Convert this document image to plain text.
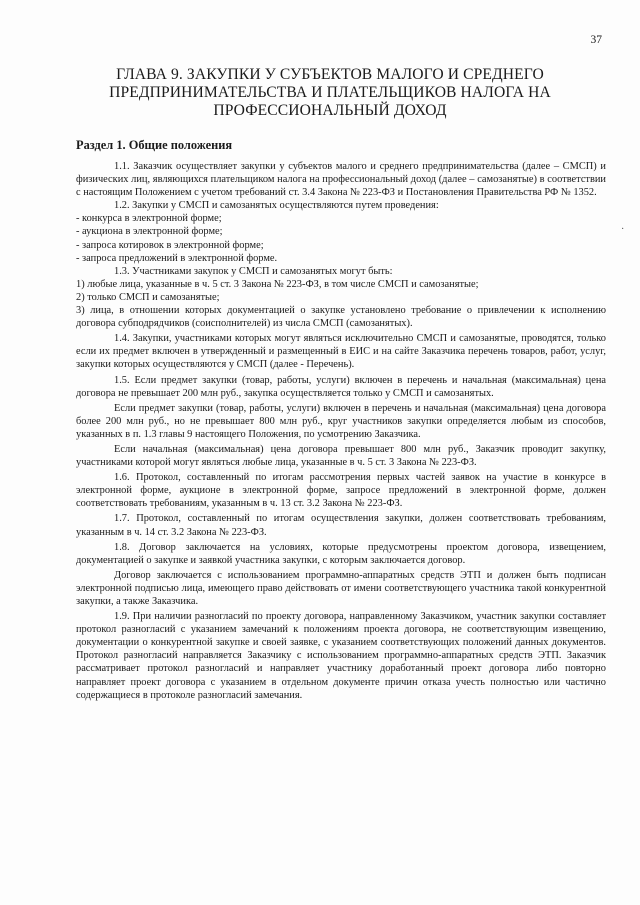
37
ГЛАВА 9. ЗАКУПКИ У СУБЪЕКТОВ МАЛОГО И СРЕДНЕГО
ПРЕДПРИНИМАТЕЛЬСТВА И ПЛАТЕЛЬЩИКОВ НАЛОГА НА
ПРОФЕССИОНАЛЬНЫЙ ДОХОД
Раздел 1. Общие положения
·

1.1. Заказчик осуществляет закупки у субъектов малого и среднего предпринимательства (далее – СМСП) и физических лиц, являющихся плательщиком налога на профессиональный доход (далее – самозанятые) в соответствии с настоящим Положением с учетом требований ст. 3.4 Закона № 223-ФЗ и Постановления Правительства РФ № 1352.

1.2. Закупки у СМСП и самозанятых осуществляются путем проведения:

- конкурса в электронной форме;

- аукциона в электронной форме;

- запроса котировок в электронной форме;

- запроса предложений в электронной форме.

1.3. Участниками закупок у СМСП и самозанятых могут быть:

1) любые лица, указанные в ч. 5 ст. 3 Закона № 223-ФЗ, в том числе СМСП и самозанятые;

2) только СМСП и самозанятые;

3) лица, в отношении которых документацией о закупке установлено требование о привлечении к исполнению договора субподрядчиков (соисполнителей) из числа СМСП (самозанятых).

1.4. Закупки, участниками которых могут являться исключительно СМСП и самозанятые, проводятся, только если их предмет включен в утвержденный и размещенный в ЕИС и на сайте Заказчика перечень товаров, работ, услуг, закупки которых осуществляются у СМСП (далее - Перечень).

1.5. Если предмет закупки (товар, работы, услуги) включен в перечень и начальная (максимальная) цена договора не превышает 200 млн руб., закупка осуществляется только у СМСП и самозанятых.

Если предмет закупки (товар, работы, услуги) включен в перечень и начальная (максимальная) цена договора более 200 млн руб., но не превышает 800 млн руб., круг участников закупки определяется любым из способов, указанных в п. 1.3 главы 9 настоящего Положения, по усмотрению Заказчика.

Если начальная (максимальная) цена договора превышает 800 млн руб., Заказчик проводит закупку, участниками которой могут являться любые лица, указанные в ч. 5 ст. 3 Закона № 223-ФЗ.

1.6. Протокол, составленный по итогам рассмотрения первых частей заявок на участие в конкурсе в электронной форме, аукционе в электронной форме, запросе предложений в электронной форме, должен соответствовать требованиям, указанным в ч. 13 ст. 3.2 Закона № 223-ФЗ.

1.7. Протокол, составленный по итогам осуществления закупки, должен соответствовать требованиям, указанным в ч. 14 ст. 3.2 Закона № 223-ФЗ.

1.8. Договор заключается на условиях, которые предусмотрены проектом договора, извещением, документацией о закупке и заявкой участника закупки, с которым заключается договор.

Договор заключается с использованием программно-аппаратных средств ЭТП и должен быть подписан электронной подписью лица, имеющего право действовать от имени соответствующего участника такой конкурентной закупки, а также Заказчика.

1.9. При наличии разногласий по проекту договора, направленному Заказчиком, участник закупки составляет протокол разногласий с указанием замечаний к положениям проекта договора, не соответствующим извещению, документации о конкурентной закупке и своей заявке, с указанием соответствующих положений данных документов. Протокол разногласий направляется Заказчику с использованием программно-аппаратных средств ЭТП. Заказчик рассматривает протокол разногласий и направляет участнику доработанный проект договора либо повторно направляет проект договора с указанием в отдельном документе причин отказа учесть полностью или частично содержащиеся в протоколе разногласий замечания.
